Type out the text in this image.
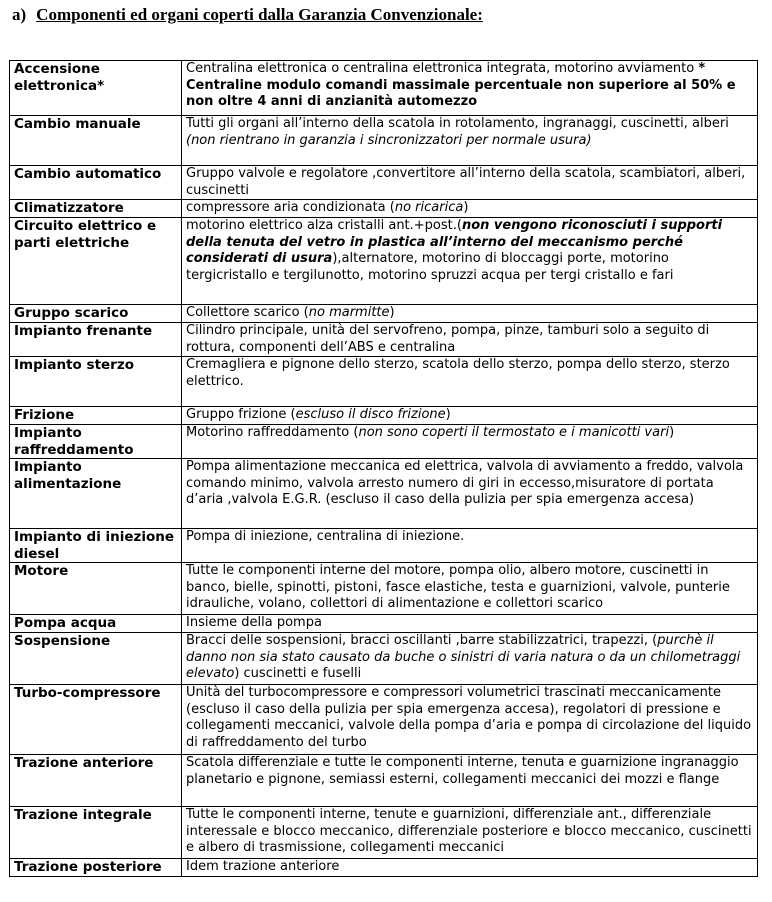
a) Componenti ed organi coperti dalla Garanzia Convenzionale:
Accensione elettronica*	Centralina elettronica o centralina elettronica integrata, motorino avviamento * Centraline modulo comandi massimale percentuale non superiore al 50% e non oltre 4 anni di anzianità automezzo
Cambio manuale	Tutti gli organi all’interno della scatola in rotolamento, ingranaggi, cuscinetti, alberi (non rientrano in garanzia i sincronizzatori per normale usura)
Cambio automatico	Gruppo valvole e regolatore ,convertitore all’interno della scatola, scambiatori, alberi, cuscinetti
Climatizzatore	compressore aria condizionata (no ricarica)
Circuito elettrico e parti elettriche	motorino elettrico alza cristalli ant.+post.(non vengono riconosciuti i supporti della tenuta del vetro in plastica all’interno del meccanismo perché considerati di usura),alternatore, motorino di bloccaggi porte, motorino tergicristallo e tergilunotto, motorino spruzzi acqua per tergi cristallo e fari
Gruppo scarico	Collettore scarico (no marmitte)
Impianto frenante	Cilindro principale, unità del servofreno, pompa, pinze, tamburi solo a seguito di rottura, componenti dell’ABS e centralina
Impianto sterzo	Cremagliera e pignone dello sterzo, scatola dello sterzo, pompa dello sterzo, sterzo elettrico.
Frizione	Gruppo frizione (escluso il disco frizione)
Impianto raffreddamento	Motorino raffreddamento (non sono coperti il termostato e i manicotti vari)
Impianto alimentazione	Pompa alimentazione meccanica ed elettrica, valvola di avviamento a freddo, valvola comando minimo, valvola arresto numero di giri in eccesso,misuratore di portata d’aria ,valvola E.G.R. (escluso il caso della pulizia per spia emergenza accesa)
Impianto di iniezione diesel	Pompa di iniezione, centralina di iniezione.
Motore	Tutte le componenti interne del motore, pompa olio, albero motore, cuscinetti in banco, bielle, spinotti, pistoni, fasce elastiche, testa e guarnizioni, valvole, punterie idrauliche, volano, collettori di alimentazione e collettori scarico
Pompa acqua	Insieme della pompa
Sospensione	Bracci delle sospensioni, bracci oscillanti ,barre stabilizzatrici, trapezzi, (purchè il danno non sia stato causato da buche o sinistri di varia natura o da un chilometraggi elevato) cuscinetti e fuselli
Turbo-compressore	Unità del turbocompressore e compressori volumetrici trascinati meccanicamente (escluso il caso della pulizia per spia emergenza accesa), regolatori di pressione e collegamenti meccanici, valvole della pompa d’aria e pompa di circolazione del liquido di raffreddamento del turbo
Trazione anteriore	Scatola differenziale e tutte le componenti interne, tenuta e guarnizione ingranaggio planetario e pignone, semiassi esterni, collegamenti meccanici dei mozzi e flange
Trazione integrale	Tutte le componenti interne, tenute e guarnizioni, differenziale ant., differenziale interessale e blocco meccanico, differenziale posteriore e blocco meccanico, cuscinetti e albero di trasmissione, collegamenti meccanici
Trazione posteriore	Idem trazione anteriore
